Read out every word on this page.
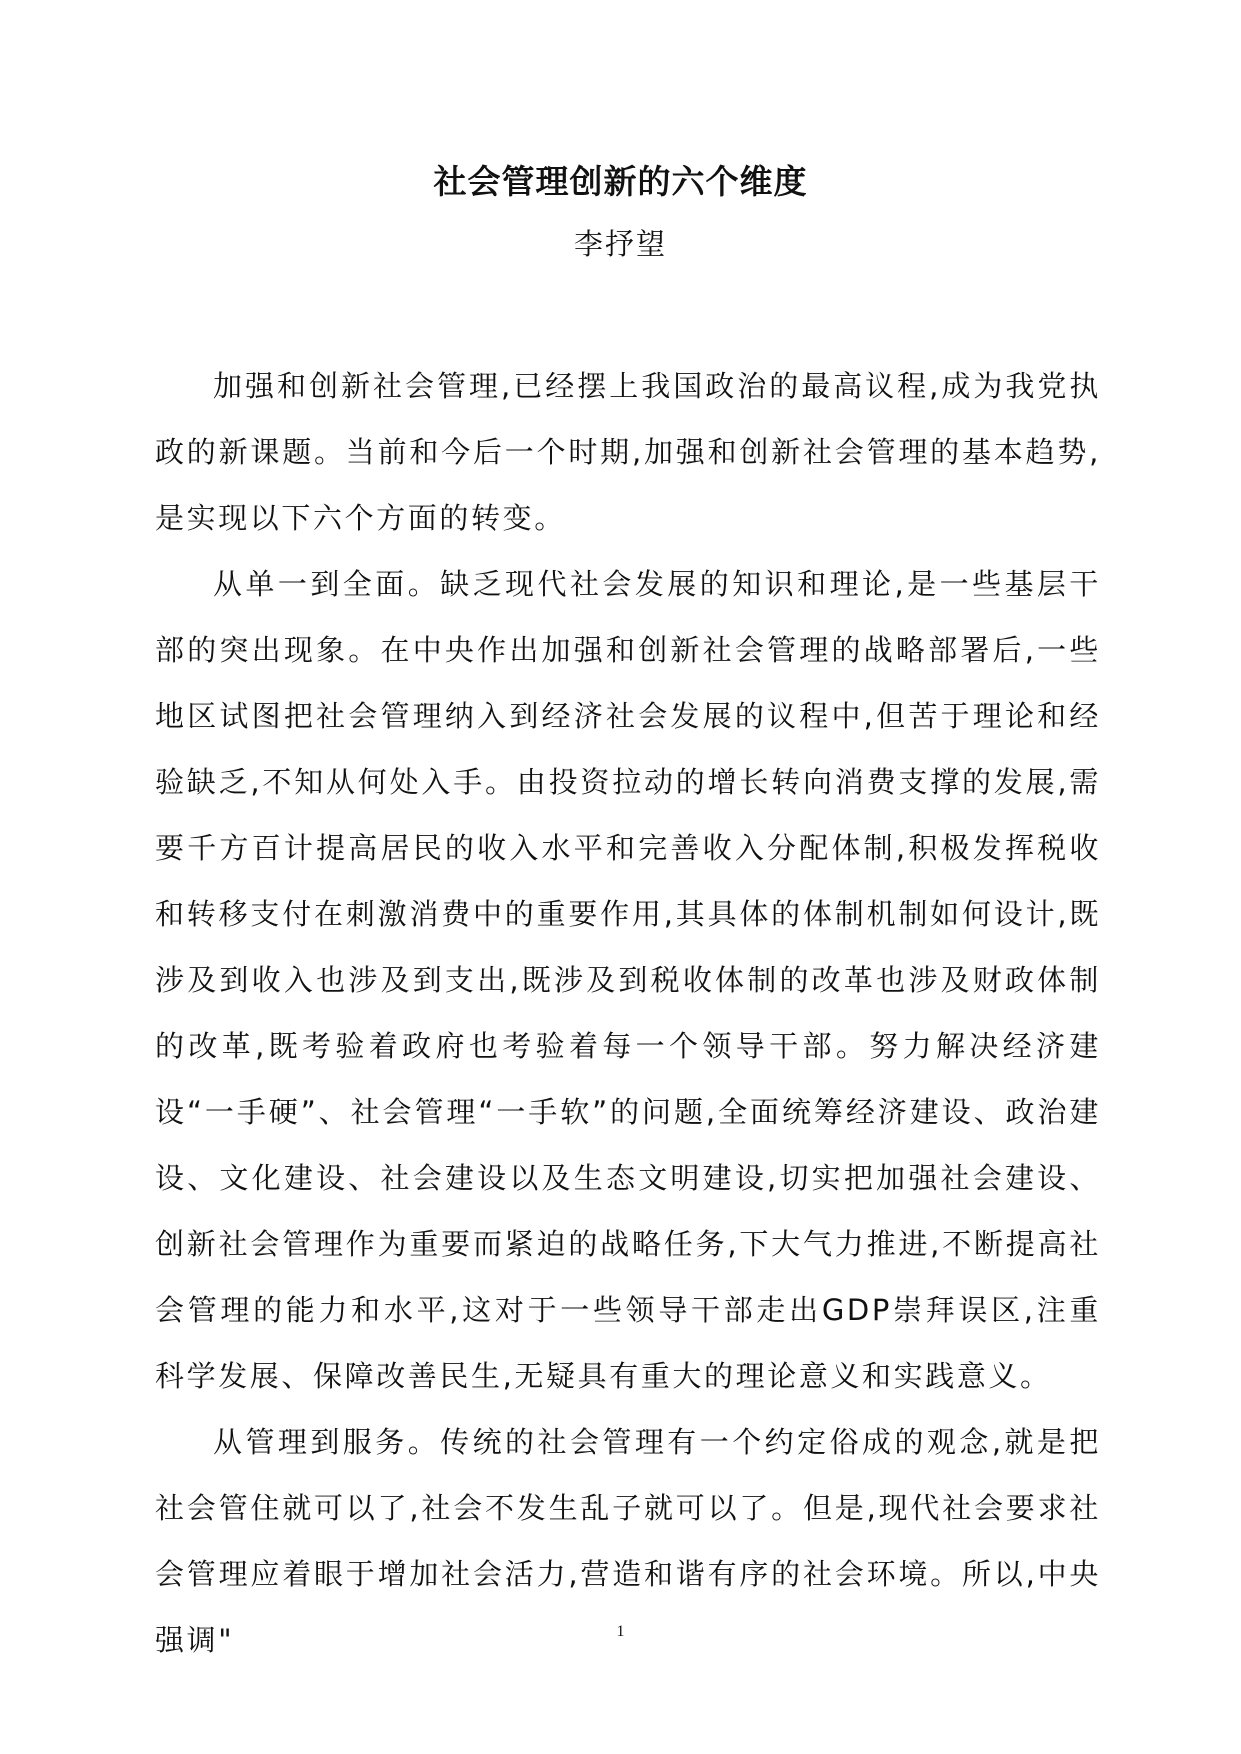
社会管理创新的六个维度
李抒望

加强和创新社会管理,已经摆上我国政治的最高议程,成为我党执政的新课题。当前和今后一个时期,加强和创新社会管理的基本趋势,是实现以下六个方面的转变。

从单一到全面。缺乏现代社会发展的知识和理论,是一些基层干部的突出现象。在中央作出加强和创新社会管理的战略部署后,一些地区试图把社会管理纳入到经济社会发展的议程中,但苦于理论和经验缺乏,不知从何处入手。由投资拉动的增长转向消费支撑的发展,需要千方百计提高居民的收入水平和完善收入分配体制,积极发挥税收和转移支付在刺激消费中的重要作用,其具体的体制机制如何设计,既涉及到收入也涉及到支出,既涉及到税收体制的改革也涉及财政体制的改革,既考验着政府也考验着每一个领导干部。努力解决经济建设“一手硬”、社会管理“一手软”的问题,全面统筹经济建设、政治建设、文化建设、社会建设以及生态文明建设,切实把加强社会建设、创新社会管理作为重要而紧迫的战略任务,下大气力推进,不断提高社会管理的能力和水平,这对于一些领导干部走出GDP崇拜误区,注重科学发展、保障改善民生,无疑具有重大的理论意义和实践意义。

从管理到服务。传统的社会管理有一个约定俗成的观念,就是把社会管住就可以了,社会不发生乱子就可以了。但是,现代社会要求社会管理应着眼于增加社会活力,营造和谐有序的社会环境。所以,中央强调"	1
